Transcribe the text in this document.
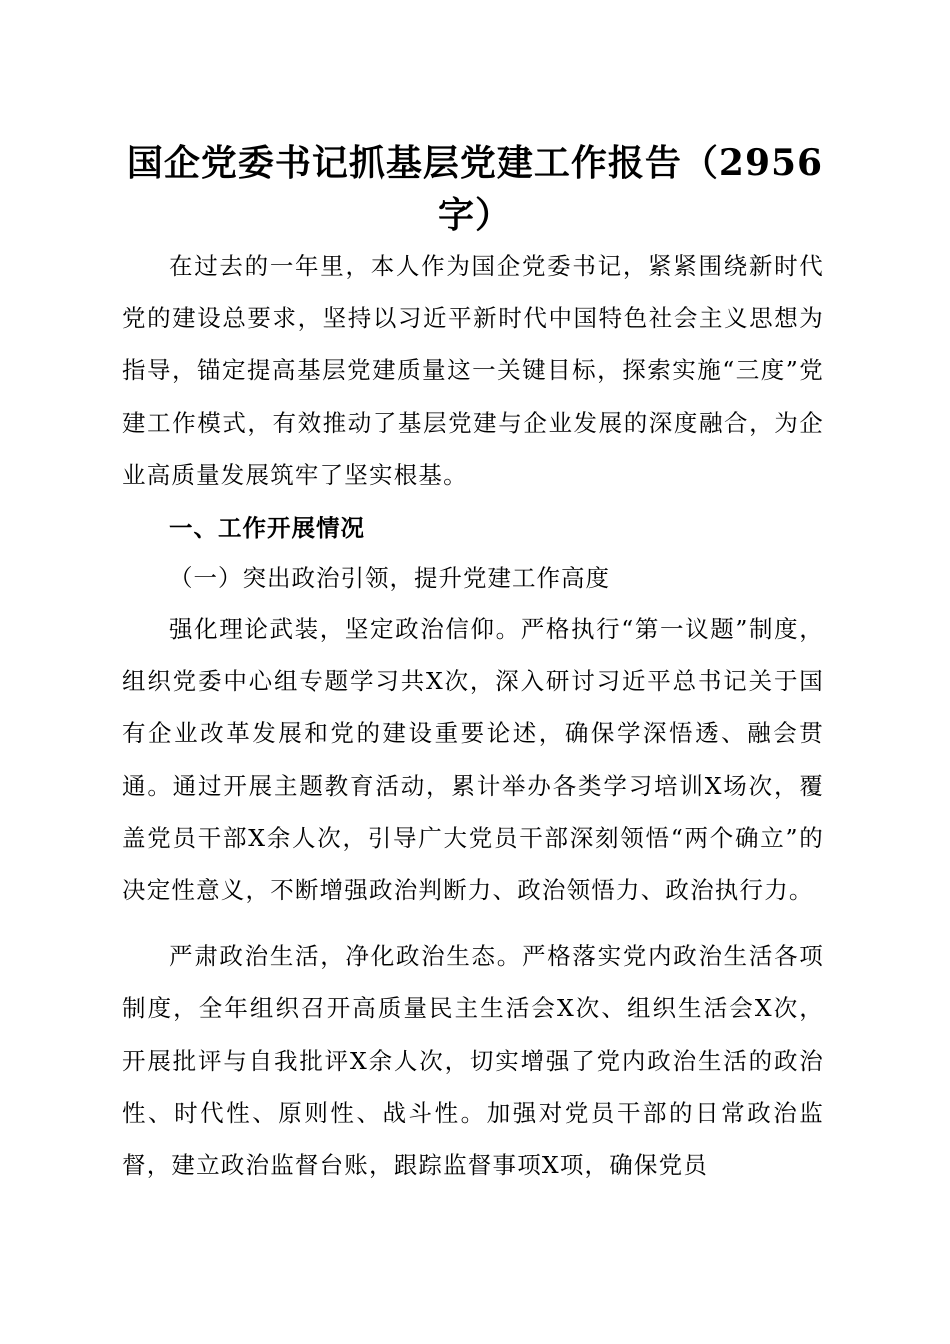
国企党委书记抓基层党建工作报告（2956字）

在过去的一年里，本人作为国企党委书记，紧紧围绕新时代党的建设总要求，坚持以习近平新时代中国特色社会主义思想为指导，锚定提高基层党建质量这一关键目标，探索实施“三度”党建工作模式，有效推动了基层党建与企业发展的深度融合，为企业高质量发展筑牢了坚实根基。

一、工作开展情况

（一）突出政治引领，提升党建工作高度

强化理论武装，坚定政治信仰。严格执行“第一议题”制度，组织党委中心组专题学习共X次，深入研讨习近平总书记关于国有企业改革发展和党的建设重要论述，确保学深悟透、融会贯通。通过开展主题教育活动，累计举办各类学习培训X场次，覆盖党员干部X余人次，引导广大党员干部深刻领悟“两个确立”的决定性意义，不断增强政治判断力、政治领悟力、政治执行力。

严肃政治生活，净化政治生态。严格落实党内政治生活各项制度，全年组织召开高质量民主生活会X次、组织生活会X次，开展批评与自我批评X余人次，切实增强了党内政治生活的政治性、时代性、原则性、战斗性。加强对党员干部的日常政治监督，建立政治监督台账，跟踪监督事项X项，确保党员
